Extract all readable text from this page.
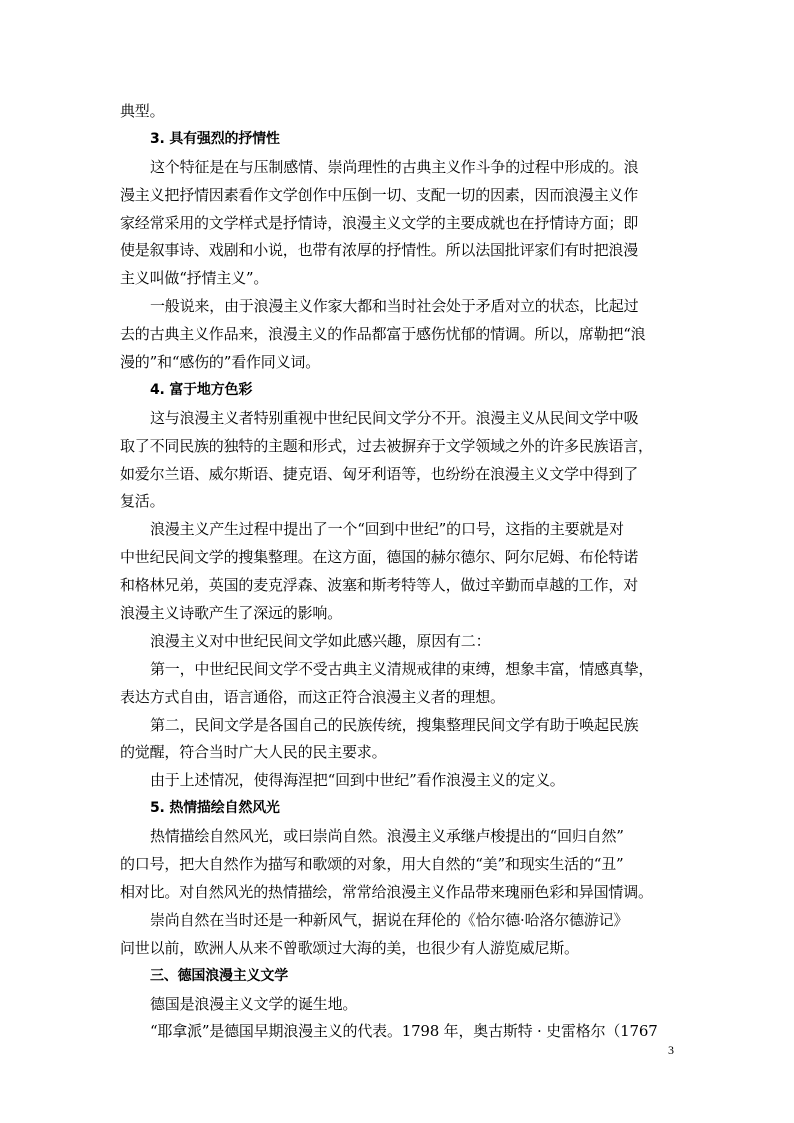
典型。
3. 具有强烈的抒情性
这个特征是在与压制感情、崇尚理性的古典主义作斗争的过程中形成的。浪
漫主义把抒情因素看作文学创作中压倒一切、支配一切的因素，因而浪漫主义作
家经常采用的文学样式是抒情诗，浪漫主义文学的主要成就也在抒情诗方面；即
使是叙事诗、戏剧和小说，也带有浓厚的抒情性。所以法国批评家们有时把浪漫
主义叫做“抒情主义”。
一般说来，由于浪漫主义作家大都和当时社会处于矛盾对立的状态，比起过
去的古典主义作品来，浪漫主义的作品都富于感伤忧郁的情调。所以，席勒把“浪
漫的”和“感伤的”看作同义词。
4. 富于地方色彩
这与浪漫主义者特别重视中世纪民间文学分不开。浪漫主义从民间文学中吸
取了不同民族的独特的主题和形式，过去被摒弃于文学领域之外的许多民族语言，
如爱尔兰语、威尔斯语、捷克语、匈牙利语等，也纷纷在浪漫主义文学中得到了
复活。
浪漫主义产生过程中提出了一个“回到中世纪”的口号，这指的主要就是对
中世纪民间文学的搜集整理。在这方面，德国的赫尔德尔、阿尔尼姆、布伦特诺
和格林兄弟，英国的麦克浮森、波塞和斯考特等人，做过辛勤而卓越的工作，对
浪漫主义诗歌产生了深远的影响。
浪漫主义对中世纪民间文学如此感兴趣，原因有二：
第一，中世纪民间文学不受古典主义清规戒律的束缚，想象丰富，情感真挚，
表达方式自由，语言通俗，而这正符合浪漫主义者的理想。
第二，民间文学是各国自己的民族传统，搜集整理民间文学有助于唤起民族
的觉醒，符合当时广大人民的民主要求。
由于上述情况，使得海涅把“回到中世纪”看作浪漫主义的定义。
5. 热情描绘自然风光
热情描绘自然风光，或曰崇尚自然。浪漫主义承继卢梭提出的“回归自然”
的口号，把大自然作为描写和歌颂的对象，用大自然的“美”和现实生活的“丑”
相对比。对自然风光的热情描绘，常常给浪漫主义作品带来瑰丽色彩和异国情调。
崇尚自然在当时还是一种新风气，据说在拜伦的《恰尔德·哈洛尔德游记》
问世以前，欧洲人从来不曾歌颂过大海的美，也很少有人游览威尼斯。
三、德国浪漫主义文学
德国是浪漫主义文学的诞生地。
“耶拿派”是德国早期浪漫主义的代表。1798 年，奥古斯特 · 史雷格尔（1767
3
